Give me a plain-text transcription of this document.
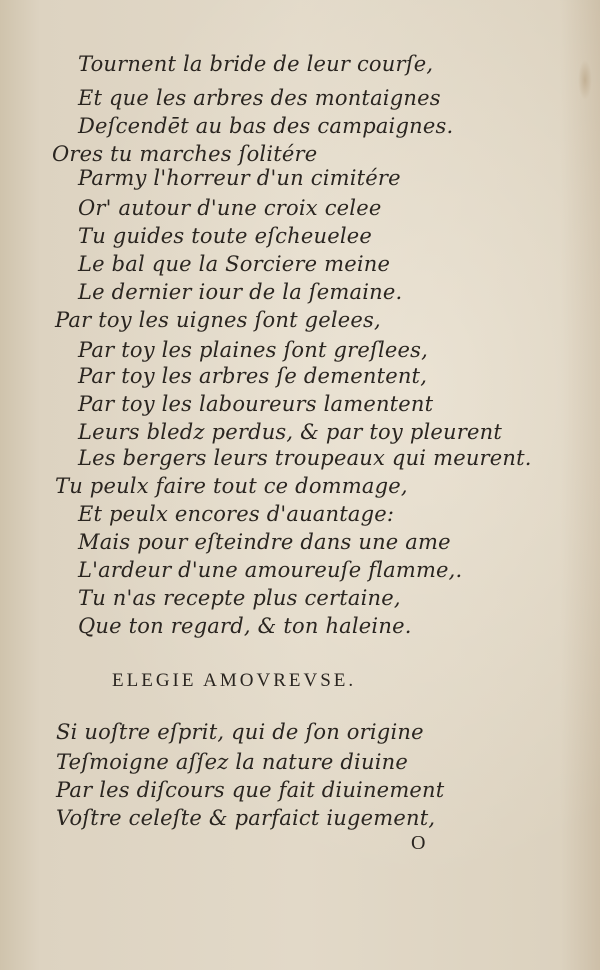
Tournent la bride de leur courſe,
Et que les arbres des montaignes
Deſcendēt au bas des campaignes.
Ores tu marches ſolitére
Parmy l'horreur d'un cimitére
Or' autour d'une croix celee
Tu guides toute eſcheuelee
Le bal que la Sorciere meine
Le dernier iour de la ſemaine.
Par toy les uignes ſont gelees,
Par toy les plaines ſont greſlees,
Par toy les arbres ſe dementent,
Par toy les laboureurs lamentent
Leurs bledz perdus, & par toy pleurent
Les bergers leurs troupeaux qui meurent.
Tu peulx faire tout ce dommage,
Et peulx encores d'auantage:
Mais pour eſteindre dans une ame
L'ardeur d'une amoureuſe flamme,.
Tu n'as recepte plus certaine,
Que ton regard, & ton haleine.
ELEGIE AMOVREVSE.
Si uoſtre eſprit, qui de ſon origine
Teſmoigne aſſez la nature diuine
Par les diſcours que fait diuinement
Voſtre celeſte & parfaict iugement,
O
